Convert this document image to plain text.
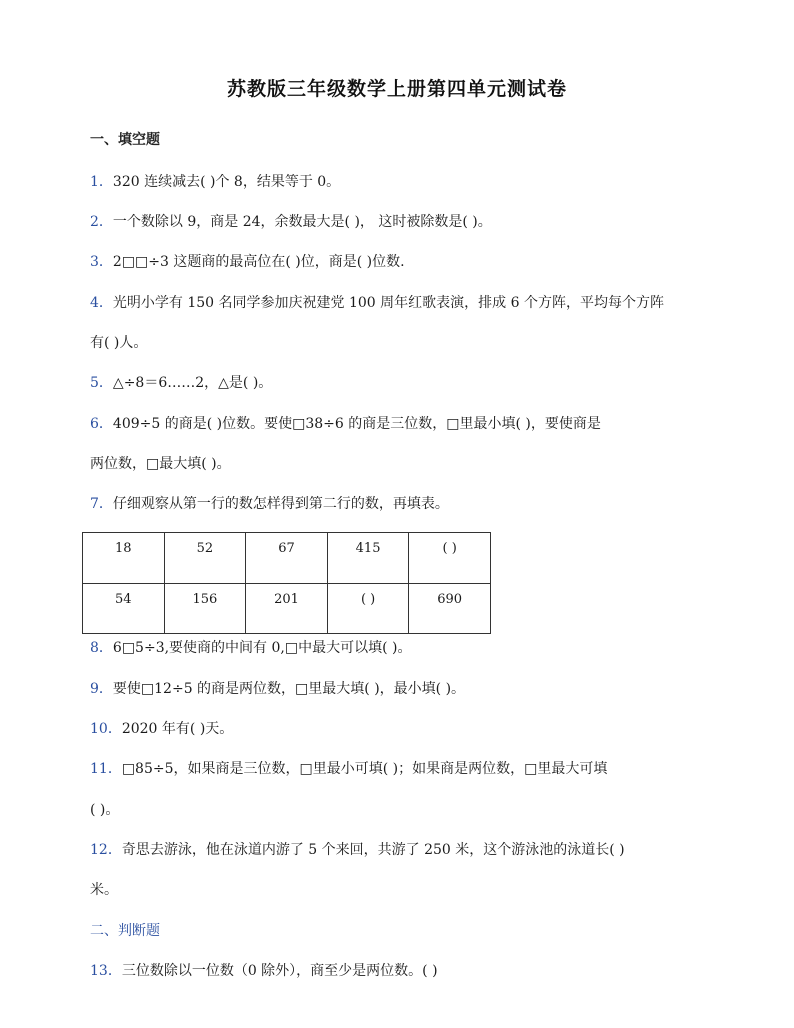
苏教版三年级数学上册第四单元测试卷
一、填空题
1．320 连续减去( )个 8，结果等于 0。
2．一个数除以 9，商是 24，余数最大是( )， 这时被除数是( )。
3．2□□÷3 这题商的最高位在( )位，商是( )位数.
4．光明小学有 150 名同学参加庆祝建党 100 周年红歌表演，排成 6 个方阵，平均每个方阵
有( )人。
5．△÷8＝6……2，△是( )。
6．409÷5 的商是( )位数。要使□38÷6 的商是三位数，□里最小填( )，要使商是
两位数，□最大填( )。
7．仔细观察从第一行的数怎样得到第二行的数，再填表。
18	52	67	415	( )
54	156	201	( )	690
8．6□5÷3,要使商的中间有 0,□中最大可以填( )。
9．要使□12÷5 的商是两位数，□里最大填( )，最小填( )。
10．2020 年有( )天。
11．□85÷5，如果商是三位数，□里最小可填( )；如果商是两位数，□里最大可填
( )。
12．奇思去游泳，他在泳道内游了 5 个来回，共游了 250 米，这个游泳池的泳道长( )
米。
二、判断题
13．三位数除以一位数（0 除外），商至少是两位数。( )
